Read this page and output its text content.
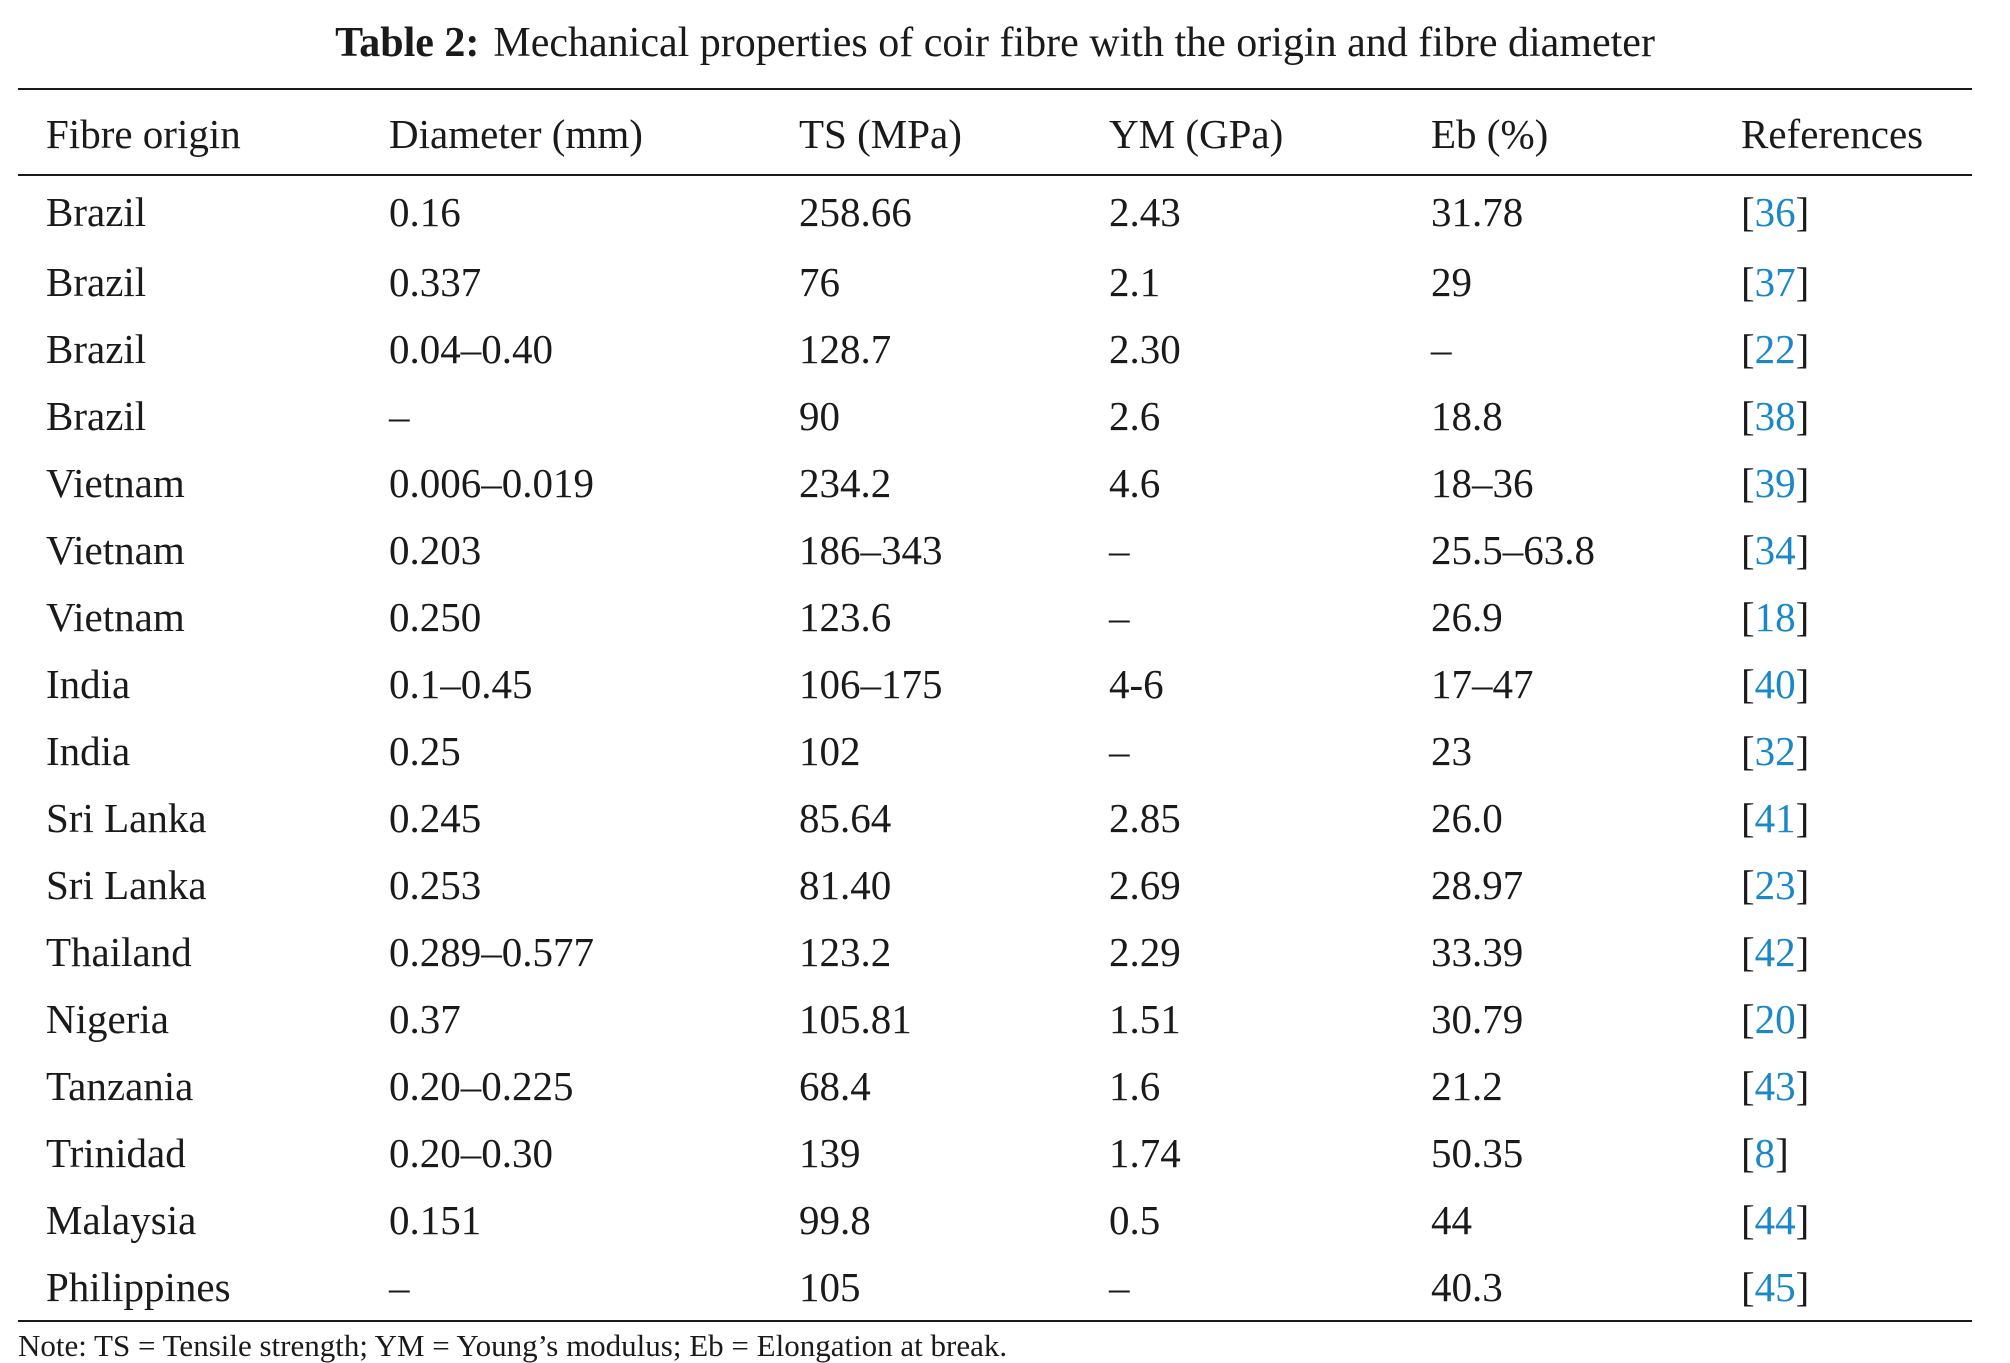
Table 2: Mechanical properties of coir fibre with the origin and fibre diameter
Fibre origin	Diameter (mm)	TS (MPa)	YM (GPa)	Eb (%)	References
Brazil	0.16	258.66	2.43	31.78	[36]
Brazil	0.337	76	2.1	29	[37]
Brazil	0.04–0.40	128.7	2.30	–	[22]
Brazil	–	90	2.6	18.8	[38]
Vietnam	0.006–0.019	234.2	4.6	18–36	[39]
Vietnam	0.203	186–343	–	25.5–63.8	[34]
Vietnam	0.250	123.6	–	26.9	[18]
India	0.1–0.45	106–175	4-6	17–47	[40]
India	0.25	102	–	23	[32]
Sri Lanka	0.245	85.64	2.85	26.0	[41]
Sri Lanka	0.253	81.40	2.69	28.97	[23]
Thailand	0.289–0.577	123.2	2.29	33.39	[42]
Nigeria	0.37	105.81	1.51	30.79	[20]
Tanzania	0.20–0.225	68.4	1.6	21.2	[43]
Trinidad	0.20–0.30	139	1.74	50.35	[8]
Malaysia	0.151	99.8	0.5	44	[44]
Philippines	–	105	–	40.3	[45]
Note: TS = Tensile strength; YM = Young’s modulus; Eb = Elongation at break.
